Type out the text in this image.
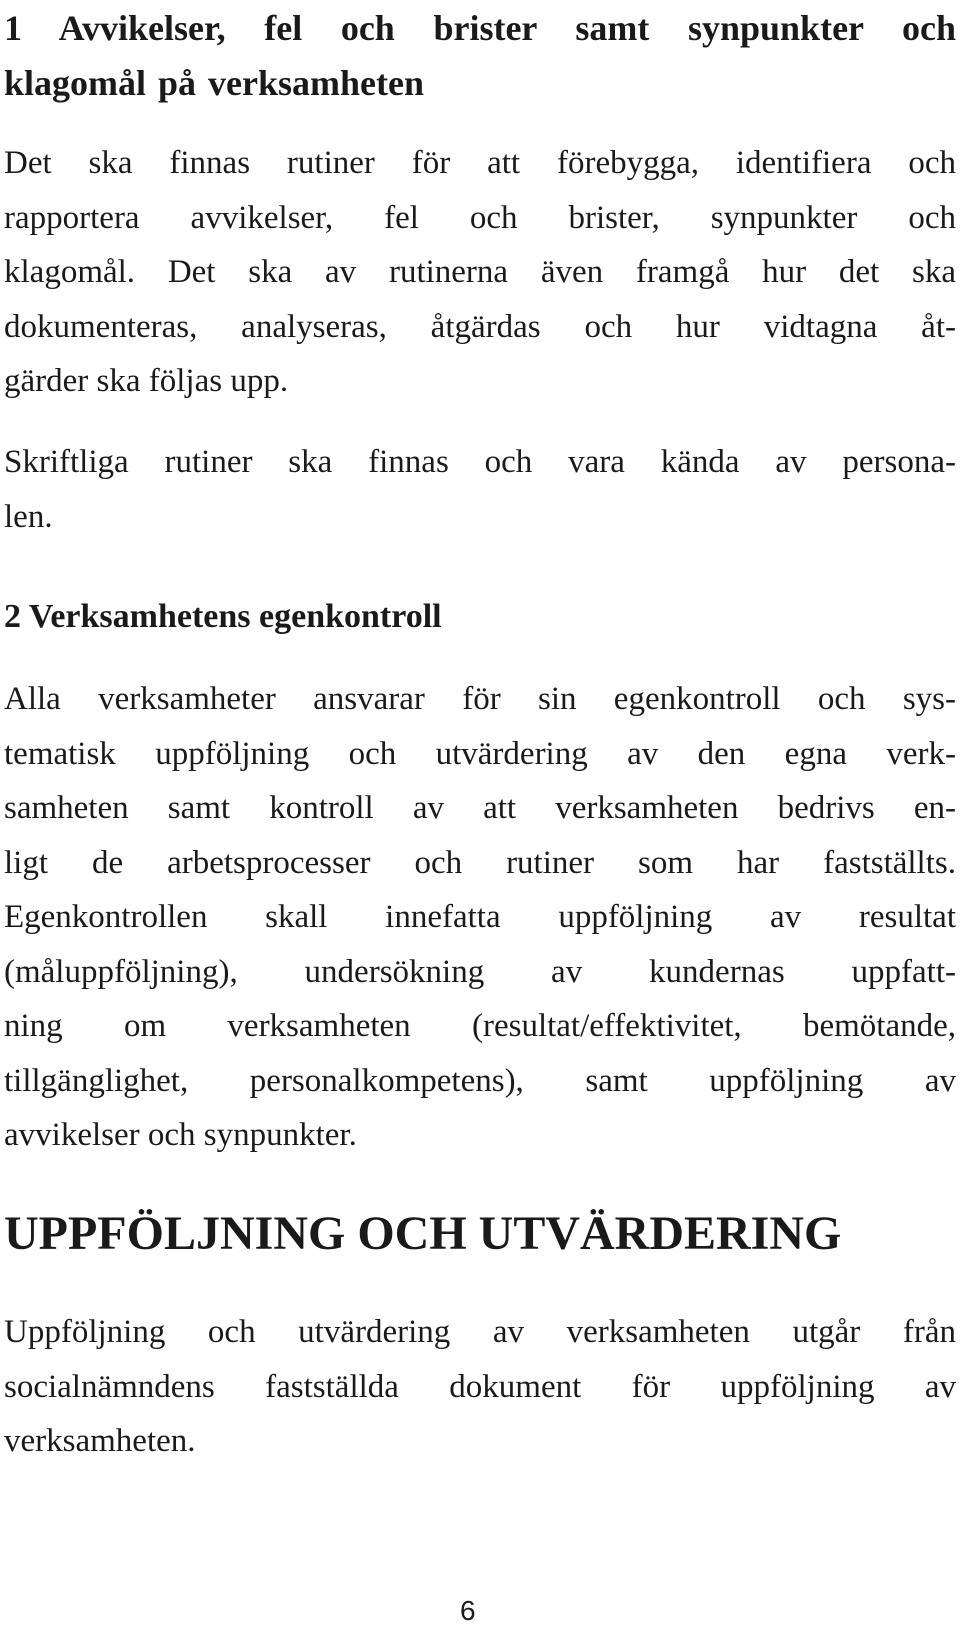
1 Avvikelser, fel och brister samt synpunkter och
klagomål på verksamheten

Det ska finnas rutiner för att förebygga, identifiera och
rapportera avvikelser, fel och brister, synpunkter och
klagomål. Det ska av rutinerna även framgå hur det ska
dokumenteras, analyseras, åtgärdas och hur vidtagna åt-
gärder ska följas upp.

Skriftliga rutiner ska finnas och vara kända av persona-
len.

2 Verksamhetens egenkontroll

Alla verksamheter ansvarar för sin egenkontroll och sys-
tematisk uppföljning och utvärdering av den egna verk-
samheten samt kontroll av att verksamheten bedrivs en-
ligt de arbetsprocesser och rutiner som har fastställts.
Egenkontrollen skall innefatta uppföljning av resultat
(måluppföljning), undersökning av kundernas uppfatt-
ning om verksamheten (resultat/effektivitet, bemötande,
tillgänglighet, personalkompetens), samt uppföljning av
avvikelser och synpunkter.

UPPFÖLJNING OCH UTVÄRDERING

Uppföljning och utvärdering av verksamheten utgår från
socialnämndens fastställda dokument för uppföljning av
verksamheten.

6
